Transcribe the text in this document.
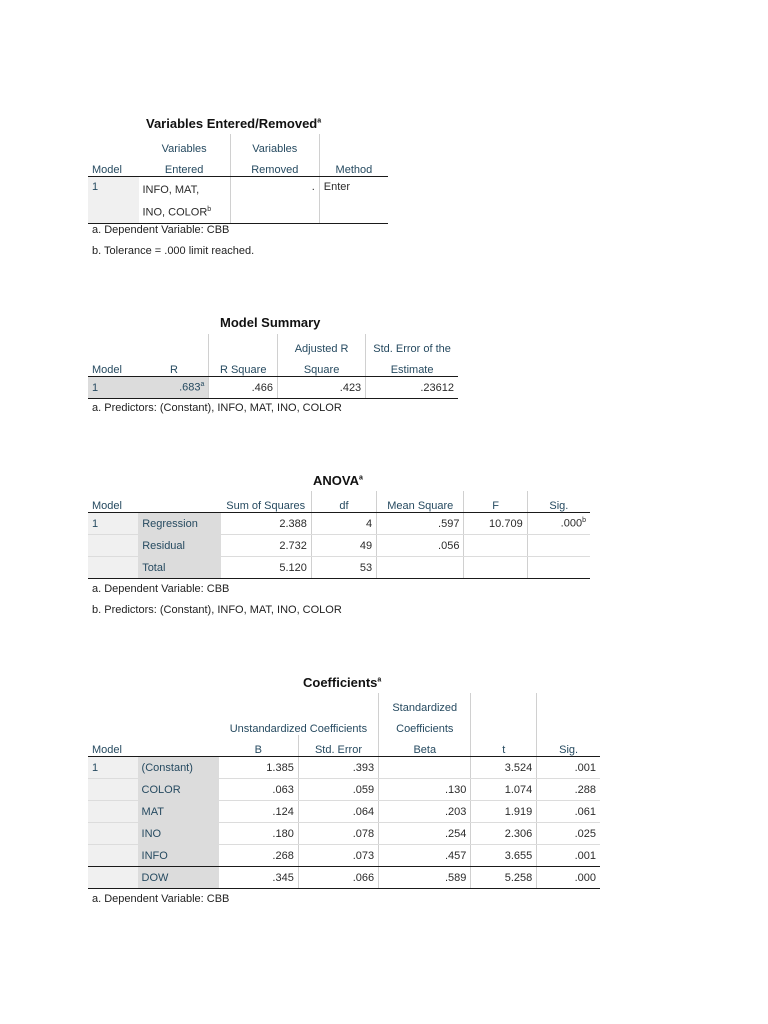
Variables Entered/Removed$^a$
	Variables	Variables	
Model	Entered	Removed	Method
1	INFO, MAT,	.	Enter
	INO, COLOR$^b$		
a. Dependent Variable: CBB
b. Tolerance = .000 limit reached.
Model Summary
			Adjusted R	Std. Error of the
Model	R	R Square	Square	Estimate
1	.683$^a$	.466	.423	.23612
a. Predictors: (Constant), INFO, MAT, INO, COLOR
ANOVA$^a$
Model		Sum of Squares	df	Mean Square	F	Sig.
1	Regression	2.388	4	.597	10.709	.000$^b$
	Residual	2.732	49	.056		
	Total	5.120	53			
a. Dependent Variable: CBB
b. Predictors: (Constant), INFO, MAT, INO, COLOR
Coefficients$^a$
				Standardized		
		Unstandardized Coefficients		Coefficients		
Model		B	Std. Error	Beta	t	Sig.
1	(Constant)	1.385	.393		3.524	.001
	COLOR	.063	.059	.130	1.074	.288
	MAT	.124	.064	.203	1.919	.061
	INO	.180	.078	.254	2.306	.025
	INFO	.268	.073	.457	3.655	.001
	DOW	.345	.066	.589	5.258	.000
a. Dependent Variable: CBB
